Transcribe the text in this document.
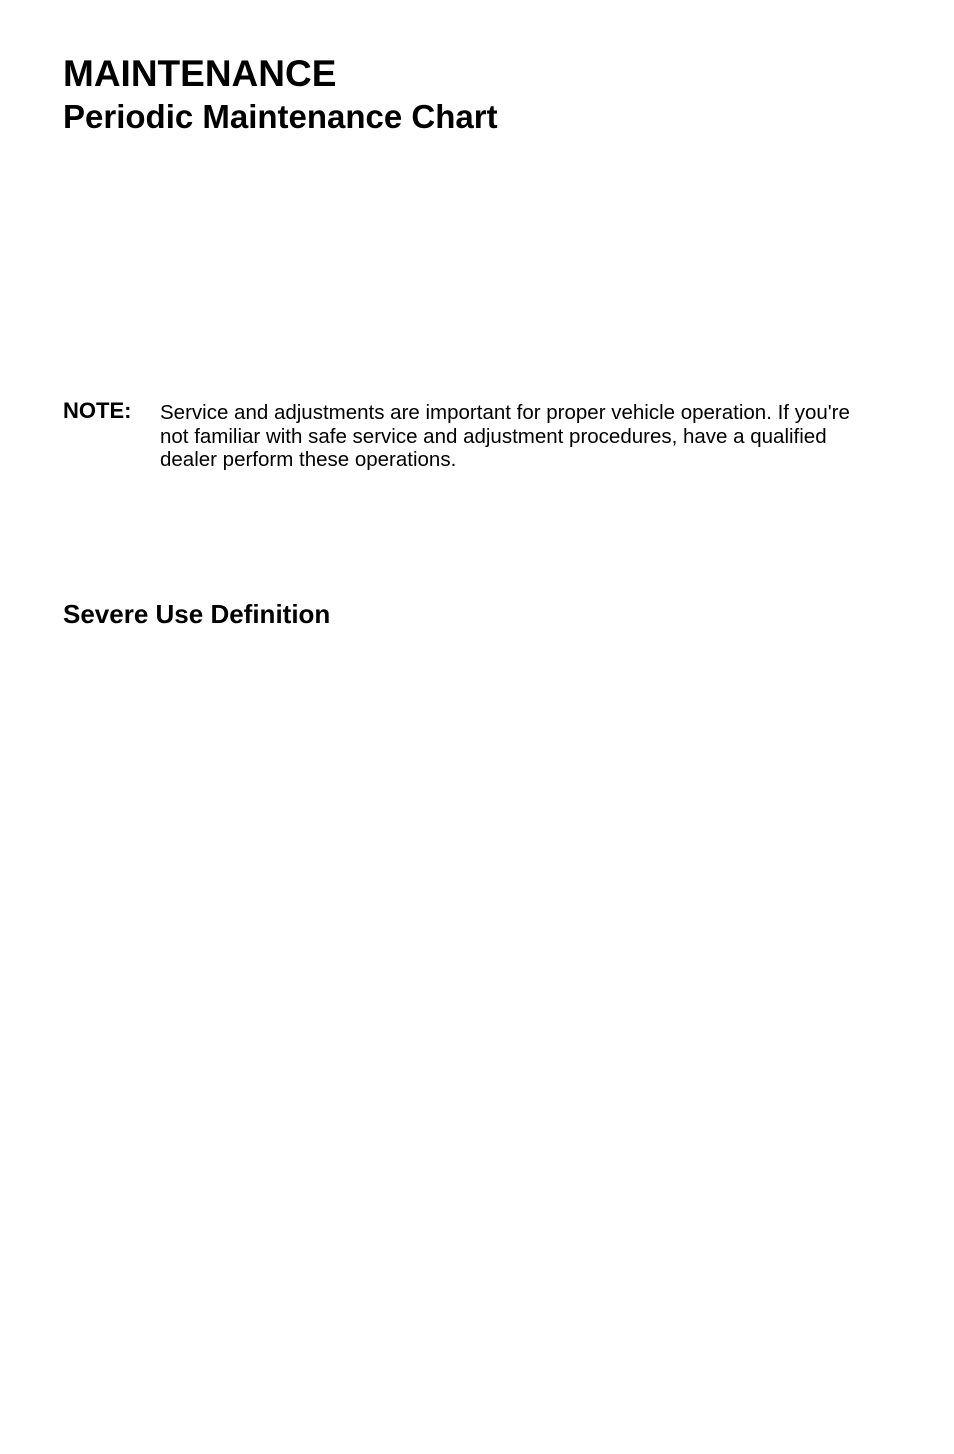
MAINTENANCE
Periodic Maintenance Chart
NOTE:	Service and adjustments are important for proper vehicle operation. If you're not familiar with safe service and adjustment procedures, have a qualified dealer perform these operations.

Severe Use Definition
